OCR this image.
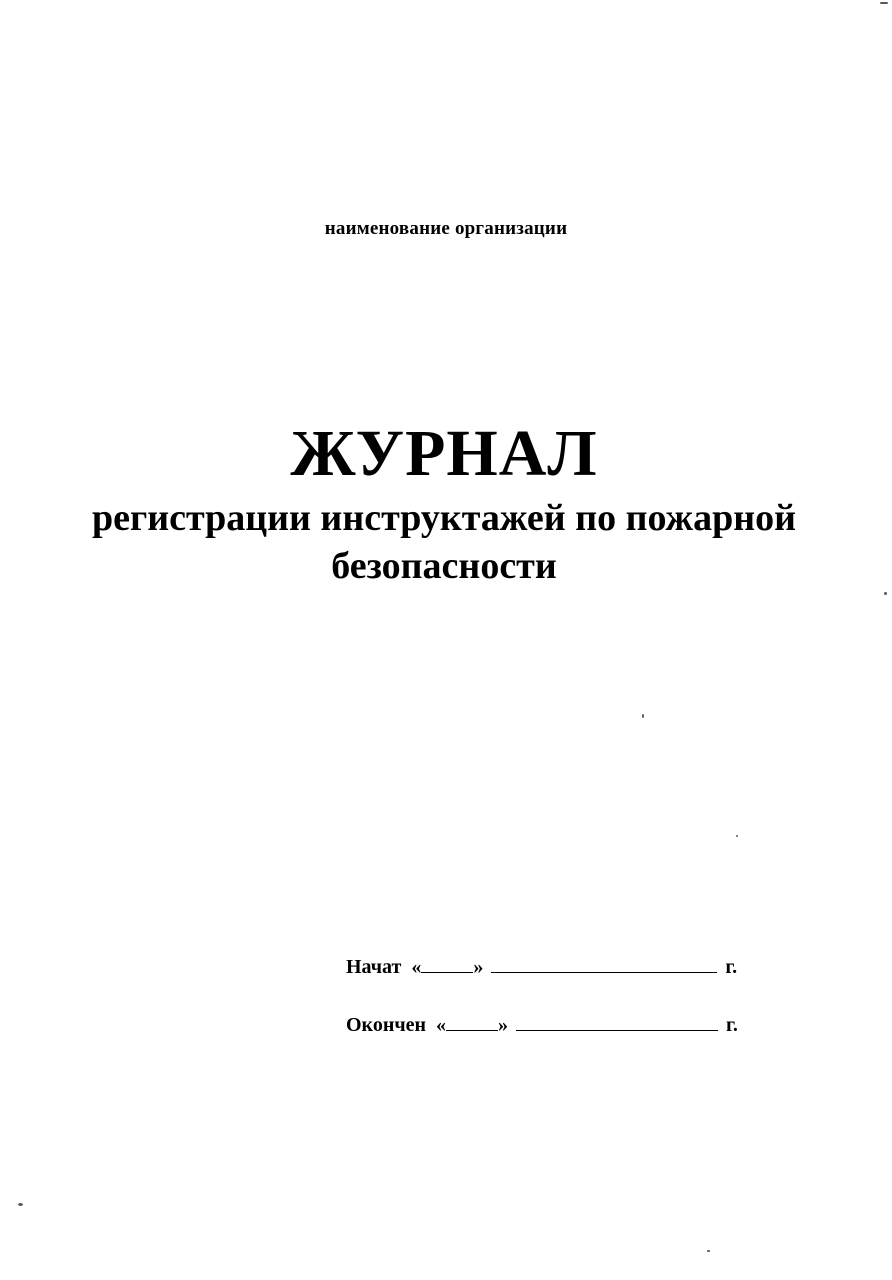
наименование организации
ЖУРНАЛ
регистрации инструктажей по пожарной
безопасности
Начат «	»	г.
Окончен «	»	г.
